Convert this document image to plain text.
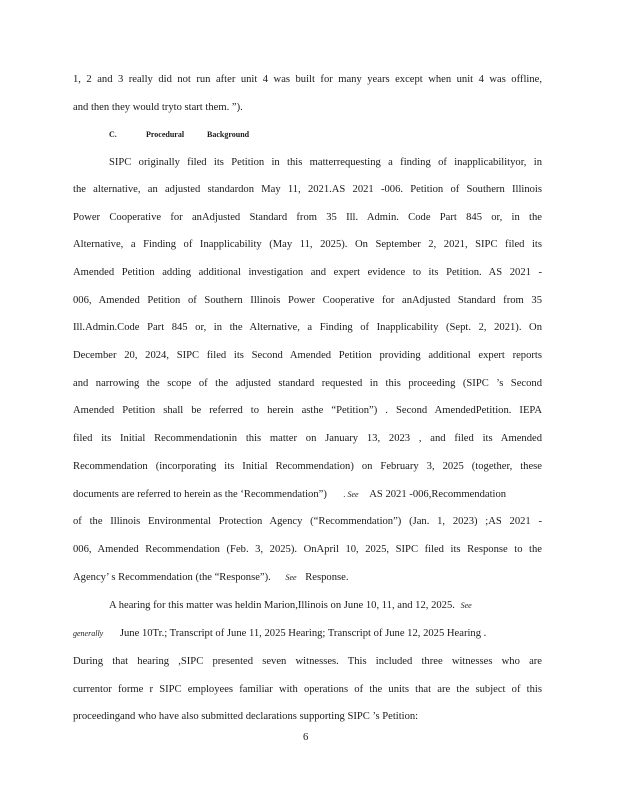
1, 2 and 3 really did not run after unit 4 was built for many years except when unit 4 was offline,
and then they would tryto start them. ”).
C.	Procedural	Background
SIPC originally filed its Petition in this matterrequesting a finding of inapplicabilityor, in
the alternative, an adjusted standardon May 11, 2021.AS 2021 -006. Petition of Southern Illinois
Power Cooperative for anAdjusted Standard from 35 Ill. Admin. Code Part 845 or, in the
Alternative, a Finding of Inapplicability (May 11, 2025). On September 2, 2021, SIPC filed its
Amended Petition adding additional investigation and expert evidence to its Petition. AS 2021 -
006, Amended Petition of Southern Illinois Power Cooperative for anAdjusted Standard from 35
Ill.Admin.Code Part 845 or, in the Alternative, a Finding of Inapplicability (Sept. 2, 2021). On
December 20, 2024, SIPC filed its Second Amended Petition providing additional expert reports
and narrowing the scope of the adjusted standard requested in this proceeding (SIPC ’s Second
Amended Petition shall be referred to herein asthe “Petition”) . Second AmendedPetition. IEPA
filed its Initial Recommendationin this matter on January 13, 2023 , and filed its Amended
Recommendation (incorporating its Initial Recommendation) on February 3, 2025 (together, these
documents are referred to herein as the ‘Recommendation”) . See AS 2021 -006,Recommendation
of the Illinois Environmental Protection Agency (“Recommendation”) (Jan. 1, 2023) ;AS 2021 -
006, Amended Recommendation (Feb. 3, 2025). OnApril 10, 2025, SIPC filed its Response to the
Agency’ s Recommendation (the “Response”). See Response.
A hearing for this matter was heldin Marion,Illinois on June 10, 11, and 12, 2025. See
generally June 10Tr.; Transcript of June 11, 2025 Hearing; Transcript of June 12, 2025 Hearing .
During that hearing ,SIPC presented seven witnesses. This included three witnesses who are
currentor forme r SIPC employees familiar with operations of the units that are the subject of this
proceedingand who have also submitted declarations supporting SIPC ’s Petition:
6
